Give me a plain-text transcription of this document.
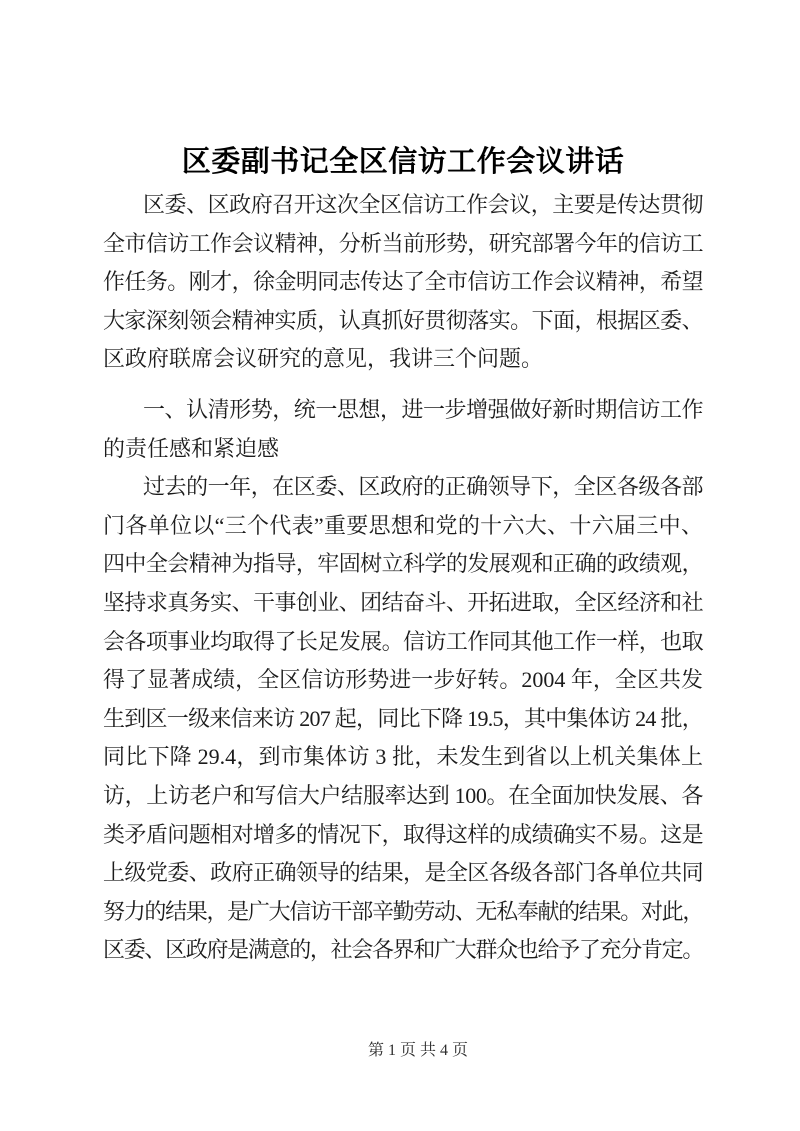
区委副书记全区信访工作会议讲话
区委、区政府召开这次全区信访工作会议，主要是传达贯彻
全市信访工作会议精神，分析当前形势，研究部署今年的信访工
作任务。刚才，徐金明同志传达了全市信访工作会议精神，希望
大家深刻领会精神实质，认真抓好贯彻落实。下面，根据区委、
区政府联席会议研究的意见，我讲三个问题。
一、认清形势，统一思想，进一步增强做好新时期信访工作
的责任感和紧迫感
过去的一年，在区委、区政府的正确领导下，全区各级各部
门各单位以“三个代表”重要思想和党的十六大、十六届三中、
四中全会精神为指导，牢固树立科学的发展观和正确的政绩观，
坚持求真务实、干事创业、团结奋斗、开拓进取，全区经济和社
会各项事业均取得了长足发展。信访工作同其他工作一样，也取
得了显著成绩，全区信访形势进一步好转。2004 年，全区共发
生到区一级来信来访 207 起，同比下降 19.5，其中集体访 24 批，
同比下降 29.4，到市集体访 3 批，未发生到省以上机关集体上
访，上访老户和写信大户结服率达到 100。在全面加快发展、各
类矛盾问题相对增多的情况下，取得这样的成绩确实不易。这是
上级党委、政府正确领导的结果，是全区各级各部门各单位共同
努力的结果，是广大信访干部辛勤劳动、无私奉献的结果。对此，
区委、区政府是满意的，社会各界和广大群众也给予了充分肯定。
第 1 页 共 4 页
